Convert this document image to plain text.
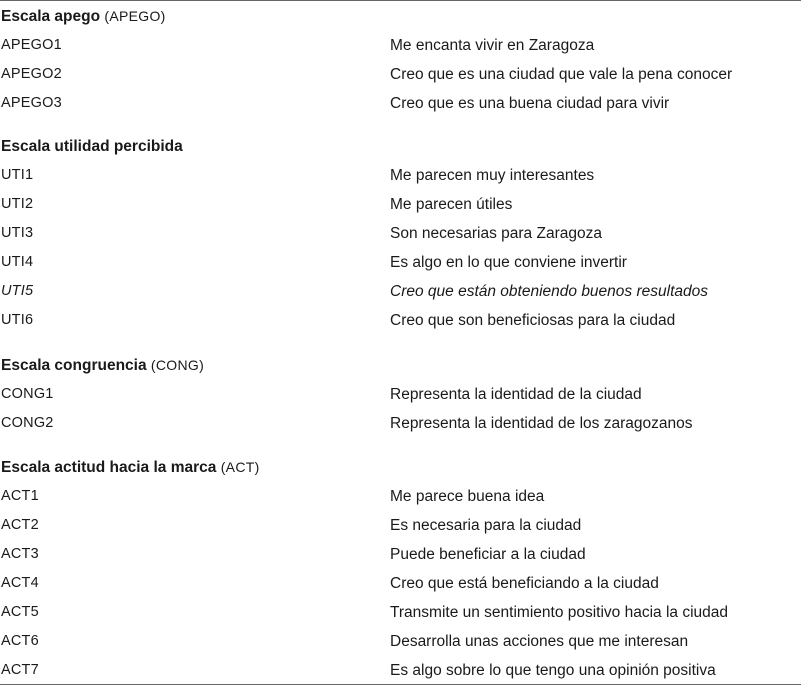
Escala apego (APEGO)
APEGO1	Me encanta vivir en Zaragoza
APEGO2	Creo que es una ciudad que vale la pena conocer
APEGO3	Creo que es una buena ciudad para vivir
Escala utilidad percibida
UTI1	Me parecen muy interesantes
UTI2	Me parecen útiles
UTI3	Son necesarias para Zaragoza
UTI4	Es algo en lo que conviene invertir
UTI5	Creo que están obteniendo buenos resultados
UTI6	Creo que son beneficiosas para la ciudad
Escala congruencia (CONG)
CONG1	Representa la identidad de la ciudad
CONG2	Representa la identidad de los zaragozanos
Escala actitud hacia la marca (ACT)
ACT1	Me parece buena idea
ACT2	Es necesaria para la ciudad
ACT3	Puede beneficiar a la ciudad
ACT4	Creo que está beneficiando a la ciudad
ACT5	Transmite un sentimiento positivo hacia la ciudad
ACT6	Desarrolla unas acciones que me interesan
ACT7	Es algo sobre lo que tengo una opinión positiva
